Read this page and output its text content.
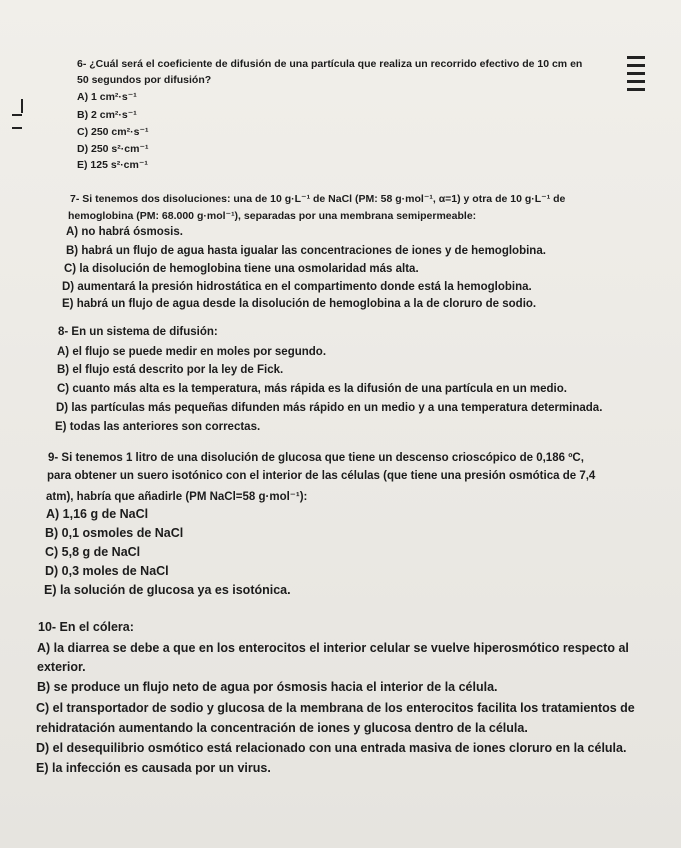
6- ¿Cuál será el coeficiente de difusión de una partícula que realiza un recorrido efectivo de 10 cm en
50 segundos por difusión?
A) 1 cm²·s⁻¹
B) 2 cm²·s⁻¹
C) 250 cm²·s⁻¹
D) 250 s²·cm⁻¹
E) 125 s²·cm⁻¹
7- Si tenemos dos disoluciones: una de 10 g·L⁻¹ de NaCl (PM: 58 g·mol⁻¹, α=1) y otra de 10 g·L⁻¹ de
hemoglobina (PM: 68.000 g·mol⁻¹), separadas por una membrana semipermeable:
A) no habrá ósmosis.
B) habrá un flujo de agua hasta igualar las concentraciones de iones y de hemoglobina.
C) la disolución de hemoglobina tiene una osmolaridad más alta.
D) aumentará la presión hidrostática en el compartimento donde está la hemoglobina.
E) habrá un flujo de agua desde la disolución de hemoglobina a la de cloruro de sodio.
8- En un sistema de difusión:
A) el flujo se puede medir en moles por segundo.
B) el flujo está descrito por la ley de Fick.
C) cuanto más alta es la temperatura, más rápida es la difusión de una partícula en un medio.
D) las partículas más pequeñas difunden más rápido en un medio y a una temperatura determinada.
E) todas las anteriores son correctas.
9- Si tenemos 1 litro de una disolución de glucosa que tiene un descenso crioscópico de 0,186 ºC,
para obtener un suero isotónico con el interior de las células (que tiene una presión osmótica de 7,4
atm), habría que añadirle (PM NaCl=58 g·mol⁻¹):
A) 1,16 g de NaCl
B) 0,1 osmoles de NaCl
C) 5,8 g de NaCl
D) 0,3 moles de NaCl
E) la solución de glucosa ya es isotónica.
10- En el cólera:
A) la diarrea se debe a que en los enterocitos el interior celular se vuelve hiperosmótico respecto al
exterior.
B) se produce un flujo neto de agua por ósmosis hacia el interior de la célula.
C) el transportador de sodio y glucosa de la membrana de los enterocitos facilita los tratamientos de
rehidratación aumentando la concentración de iones y glucosa dentro de la célula.
D) el desequilibrio osmótico está relacionado con una entrada masiva de iones cloruro en la célula.
E) la infección es causada por un virus.
